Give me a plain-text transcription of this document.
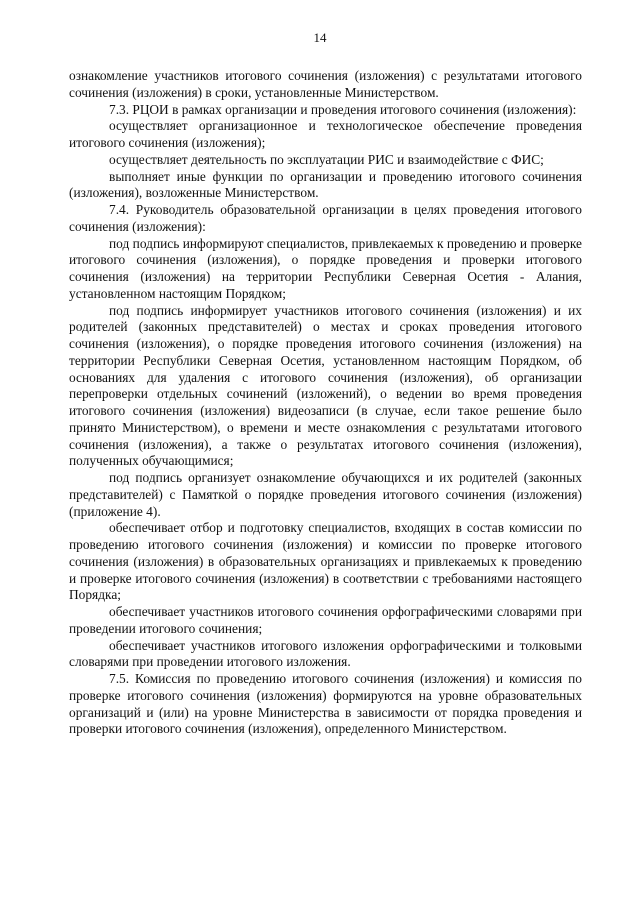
14

ознакомление участников итогового сочинения (изложения) с результатами итогового сочинения (изложения) в сроки, установленные Министерством.

7.3. РЦОИ в рамках организации и проведения итогового сочинения (изложения):

осуществляет организационное и технологическое обеспечение проведения итогового сочинения (изложения);

осуществляет деятельность по эксплуатации РИС и взаимодействие с ФИС;

выполняет иные функции по организации и проведению итогового сочинения (изложения), возложенные Министерством.

7.4. Руководитель образовательной организации в целях проведения итогового сочинения (изложения):

под подпись информируют специалистов, привлекаемых к проведению и проверке итогового сочинения (изложения), о порядке проведения и проверки итогового сочинения (изложения) на территории Республики Северная Осетия - Алания, установленном настоящим Порядком;

под подпись информирует участников итогового сочинения (изложения) и их родителей (законных представителей) о местах и сроках проведения итогового сочинения (изложения), о порядке проведения итогового сочинения (изложения) на территории Республики Северная Осетия, установленном настоящим Порядком, об основаниях для удаления с итогового сочинения (изложения), об организации перепроверки отдельных сочинений (изложений), о ведении во время проведения итогового сочинения (изложения) видеозаписи (в случае, если такое решение было принято Министерством), о времени и месте ознакомления с результатами итогового сочинения (изложения), а также о результатах итогового сочинения (изложения), полученных обучающимися;

под подпись организует ознакомление обучающихся и их родителей (законных представителей) с Памяткой о порядке проведения итогового сочинения (изложения) (приложение 4).

обеспечивает отбор и подготовку специалистов, входящих в состав комиссии по проведению итогового сочинения (изложения) и комиссии по проверке итогового сочинения (изложения) в образовательных организациях и привлекаемых к проведению и проверке итогового сочинения (изложения) в соответствии с требованиями настоящего Порядка;

обеспечивает участников итогового сочинения орфографическими словарями при проведении итогового сочинения;

обеспечивает участников итогового изложения орфографическими и толковыми словарями при проведении итогового изложения.

7.5. Комиссия по проведению итогового сочинения (изложения) и комиссия по проверке итогового сочинения (изложения) формируются на уровне образовательных организаций и (или) на уровне Министерства в зависимости от порядка проведения и проверки итогового сочинения (изложения), определенного Министерством.
